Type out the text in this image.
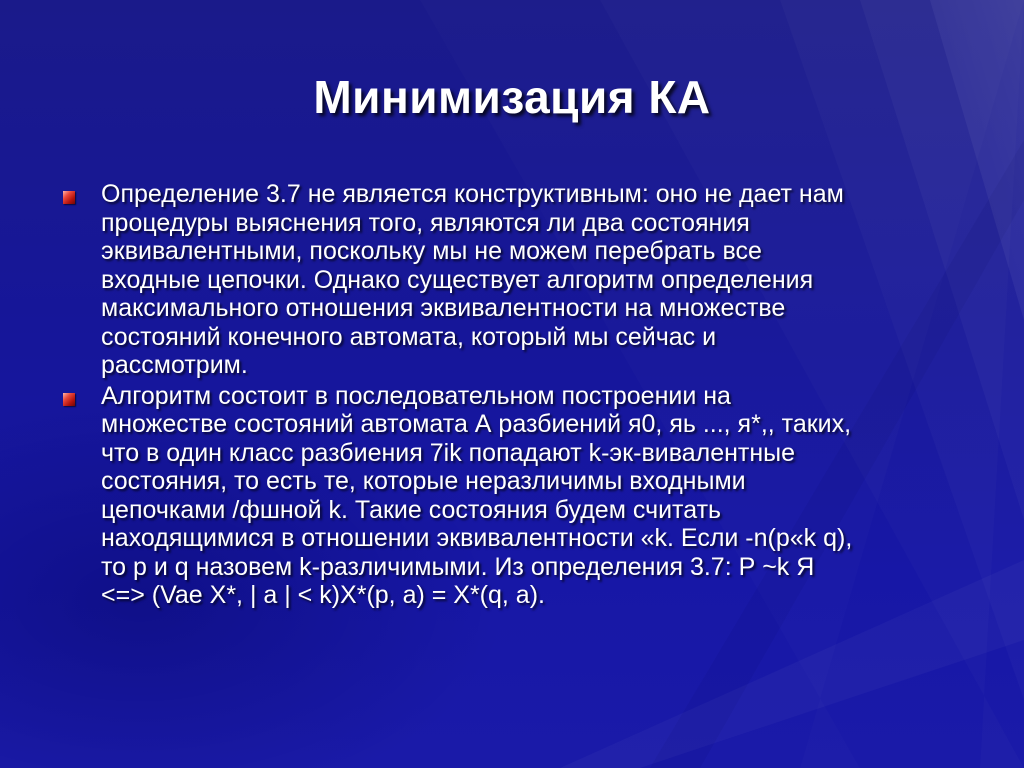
Минимизация КА
Определение 3.7 не является конструктивным: оно не дает нам
процедуры выяснения того, являются ли два состояния
эквивалентными, поскольку мы не можем перебрать все
входные цепочки. Однако существует алгоритм определения
максимального отношения эквивалентности на множестве
состояний конечного автомата, который мы сейчас и
рассмотрим.
Алгоритм состоит в последовательном построении на
множестве состояний автомата А разбиений я0, яь ..., я*,, таких,
что в один класс разбиения 7ik попадают k-эк-вивалентные
состояния, то есть те, которые неразличимы входными
цепочками /фшной k. Такие состояния будем считать
находящимися в отношении эквивалентности «k. Если -n(p«k q),
то p и q назовем k-различимыми. Из определения 3.7: Р ~k Я
<=> (Vae X*, | a | < k)X*(p, a) = X*(q, a).
